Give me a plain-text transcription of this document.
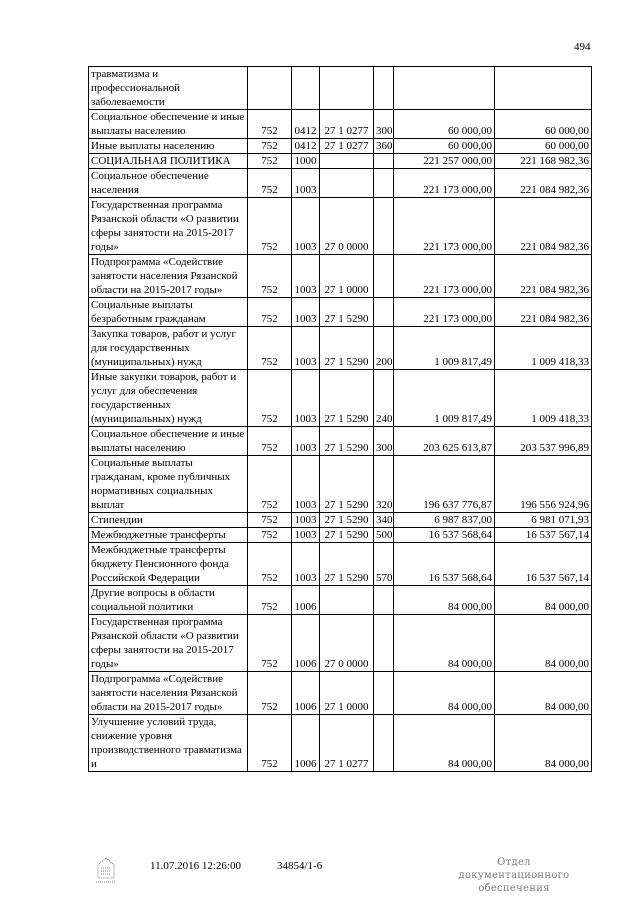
494
травматизма и профессиональной заболеваемости						
Социальное обеспечение и иные выплаты населению	752	0412	27 1 0277	300	60 000,00	60 000,00
Иные выплаты населению	752	0412	27 1 0277	360	60 000,00	60 000,00
СОЦИАЛЬНАЯ ПОЛИТИКА	752	1000			221 257 000,00	221 168 982,36
Социальное обеспечение населения	752	1003			221 173 000,00	221 084 982,36
Государственная программа Рязанской области «О развитии сферы занятости на 2015-2017 годы»	752	1003	27 0 0000		221 173 000,00	221 084 982,36
Подпрограмма «Содействие занятости населения Рязанской области на 2015-2017 годы»	752	1003	27 1 0000		221 173 000,00	221 084 982,36
Социальные выплаты безработным гражданам	752	1003	27 1 5290		221 173 000,00	221 084 982,36
Закупка товаров, работ и услуг для государственных (муниципальных) нужд	752	1003	27 1 5290	200	1 009 817,49	1 009 418,33
Иные закупки товаров, работ и услуг для обеспечения государственных (муниципальных) нужд	752	1003	27 1 5290	240	1 009 817,49	1 009 418,33
Социальное обеспечение и иные выплаты населению	752	1003	27 1 5290	300	203 625 613,87	203 537 996,89
Социальные выплаты гражданам, кроме публичных нормативных социальных выплат	752	1003	27 1 5290	320	196 637 776,87	196 556 924,96
Стипендии	752	1003	27 1 5290	340	6 987 837,00	6 981 071,93
Межбюджетные трансферты	752	1003	27 1 5290	500	16 537 568,64	16 537 567,14
Межбюджетные трансферты бюджету Пенсионного фонда Российской Федерации	752	1003	27 1 5290	570	16 537 568,64	16 537 567,14
Другие вопросы в области социальной политики	752	1006			84 000,00	84 000,00
Государственная программа Рязанской области «О развитии сферы занятости на 2015-2017 годы»	752	1006	27 0 0000		84 000,00	84 000,00
Подпрограмма «Содействие занятости населения Рязанской области на 2015-2017 годы»	752	1006	27 1 0000		84 000,00	84 000,00
Улучшение условий труда, снижение уровня производственного травматизма и	752	1006	27 1 0277		84 000,00	84 000,00
11.07.2016 12:26:00	34854/1-6	Отдел документационного обеспечения
